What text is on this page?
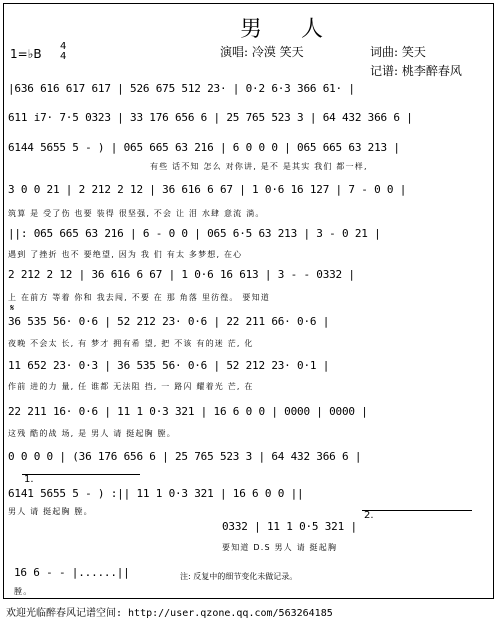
男 人
1=♭B
4
4	演唱: 冷漠 笑天	词曲: 笑天
记谱: 桃李醉春风
|636 616 617 617 | 526 675 512 23· | 0·2 6·3 366 61· |
611 i7· 7·5 0323 | 33 176 656 6 | 25 765 523 3 | 64 432 366 6 |
6144 5655 5 - ) | 065 665 63 216 | 6 0 0 0 | 065 665 63 213 |
有些 话不知 怎么 对你讲, 是不 是其实 我们 都一样,
3 0 0 21 | 2 212 2 12 | 36 616 6 67 | 1 0·6 16 127 | 7 - 0 0 |
筑算 是 受了伤 也要 装得 很坚强, 不会 让 泪 水肆 意流 淌。
||: 065 665 63 216 | 6 - 0 0 | 065 6·5 63 213 | 3 - 0 21 |
遇到 了挫折 也不 要绝望, 因为 我 们 有太 多梦想, 在心
2 212 2 12 | 36 616 6 67 | 1 0·6 16 613 | 3 - - 0332 |
上 在前方 等着 你和 我去闯, 不要 在 那 角落 里彷徨。 要知道
𝄋
36 535 56· 0·6 | 52 212 23· 0·6 | 22 211 66· 0·6 |
夜晚 不会太 长, 有 梦才 拥有希 望, 把 不该 有的迷 茫, 化
11 652 23· 0·3 | 36 535 56· 0·6 | 52 212 23· 0·1 |
作前 进的力 量, 任 谁都 无法阻 挡, 一 路闪 耀着光 芒, 在
22 211 16· 0·6 | 11 1 0·3 321 | 16 6 0 0 | 0000 | 0000 |
这残 酷的战 场, 是 男人 请 挺起胸 膛。
0 0 0 0 | (36 176 656 6 | 25 765 523 3 | 64 432 366 6 |
1.
2.
6141 5655 5 - ) :|| 11 1 0·3 321 | 16 6 0 0 ||
男人 请 挺起胸 膛。
0332 | 11 1 0·5 321 |
要知道 D.S 男人 请 挺起胸
16 6 - - |......||
膛。
注: 反复中的细节变化未做记录。
欢迎光临醉春风记谱空间: http://user.qzone.qq.com/563264185
